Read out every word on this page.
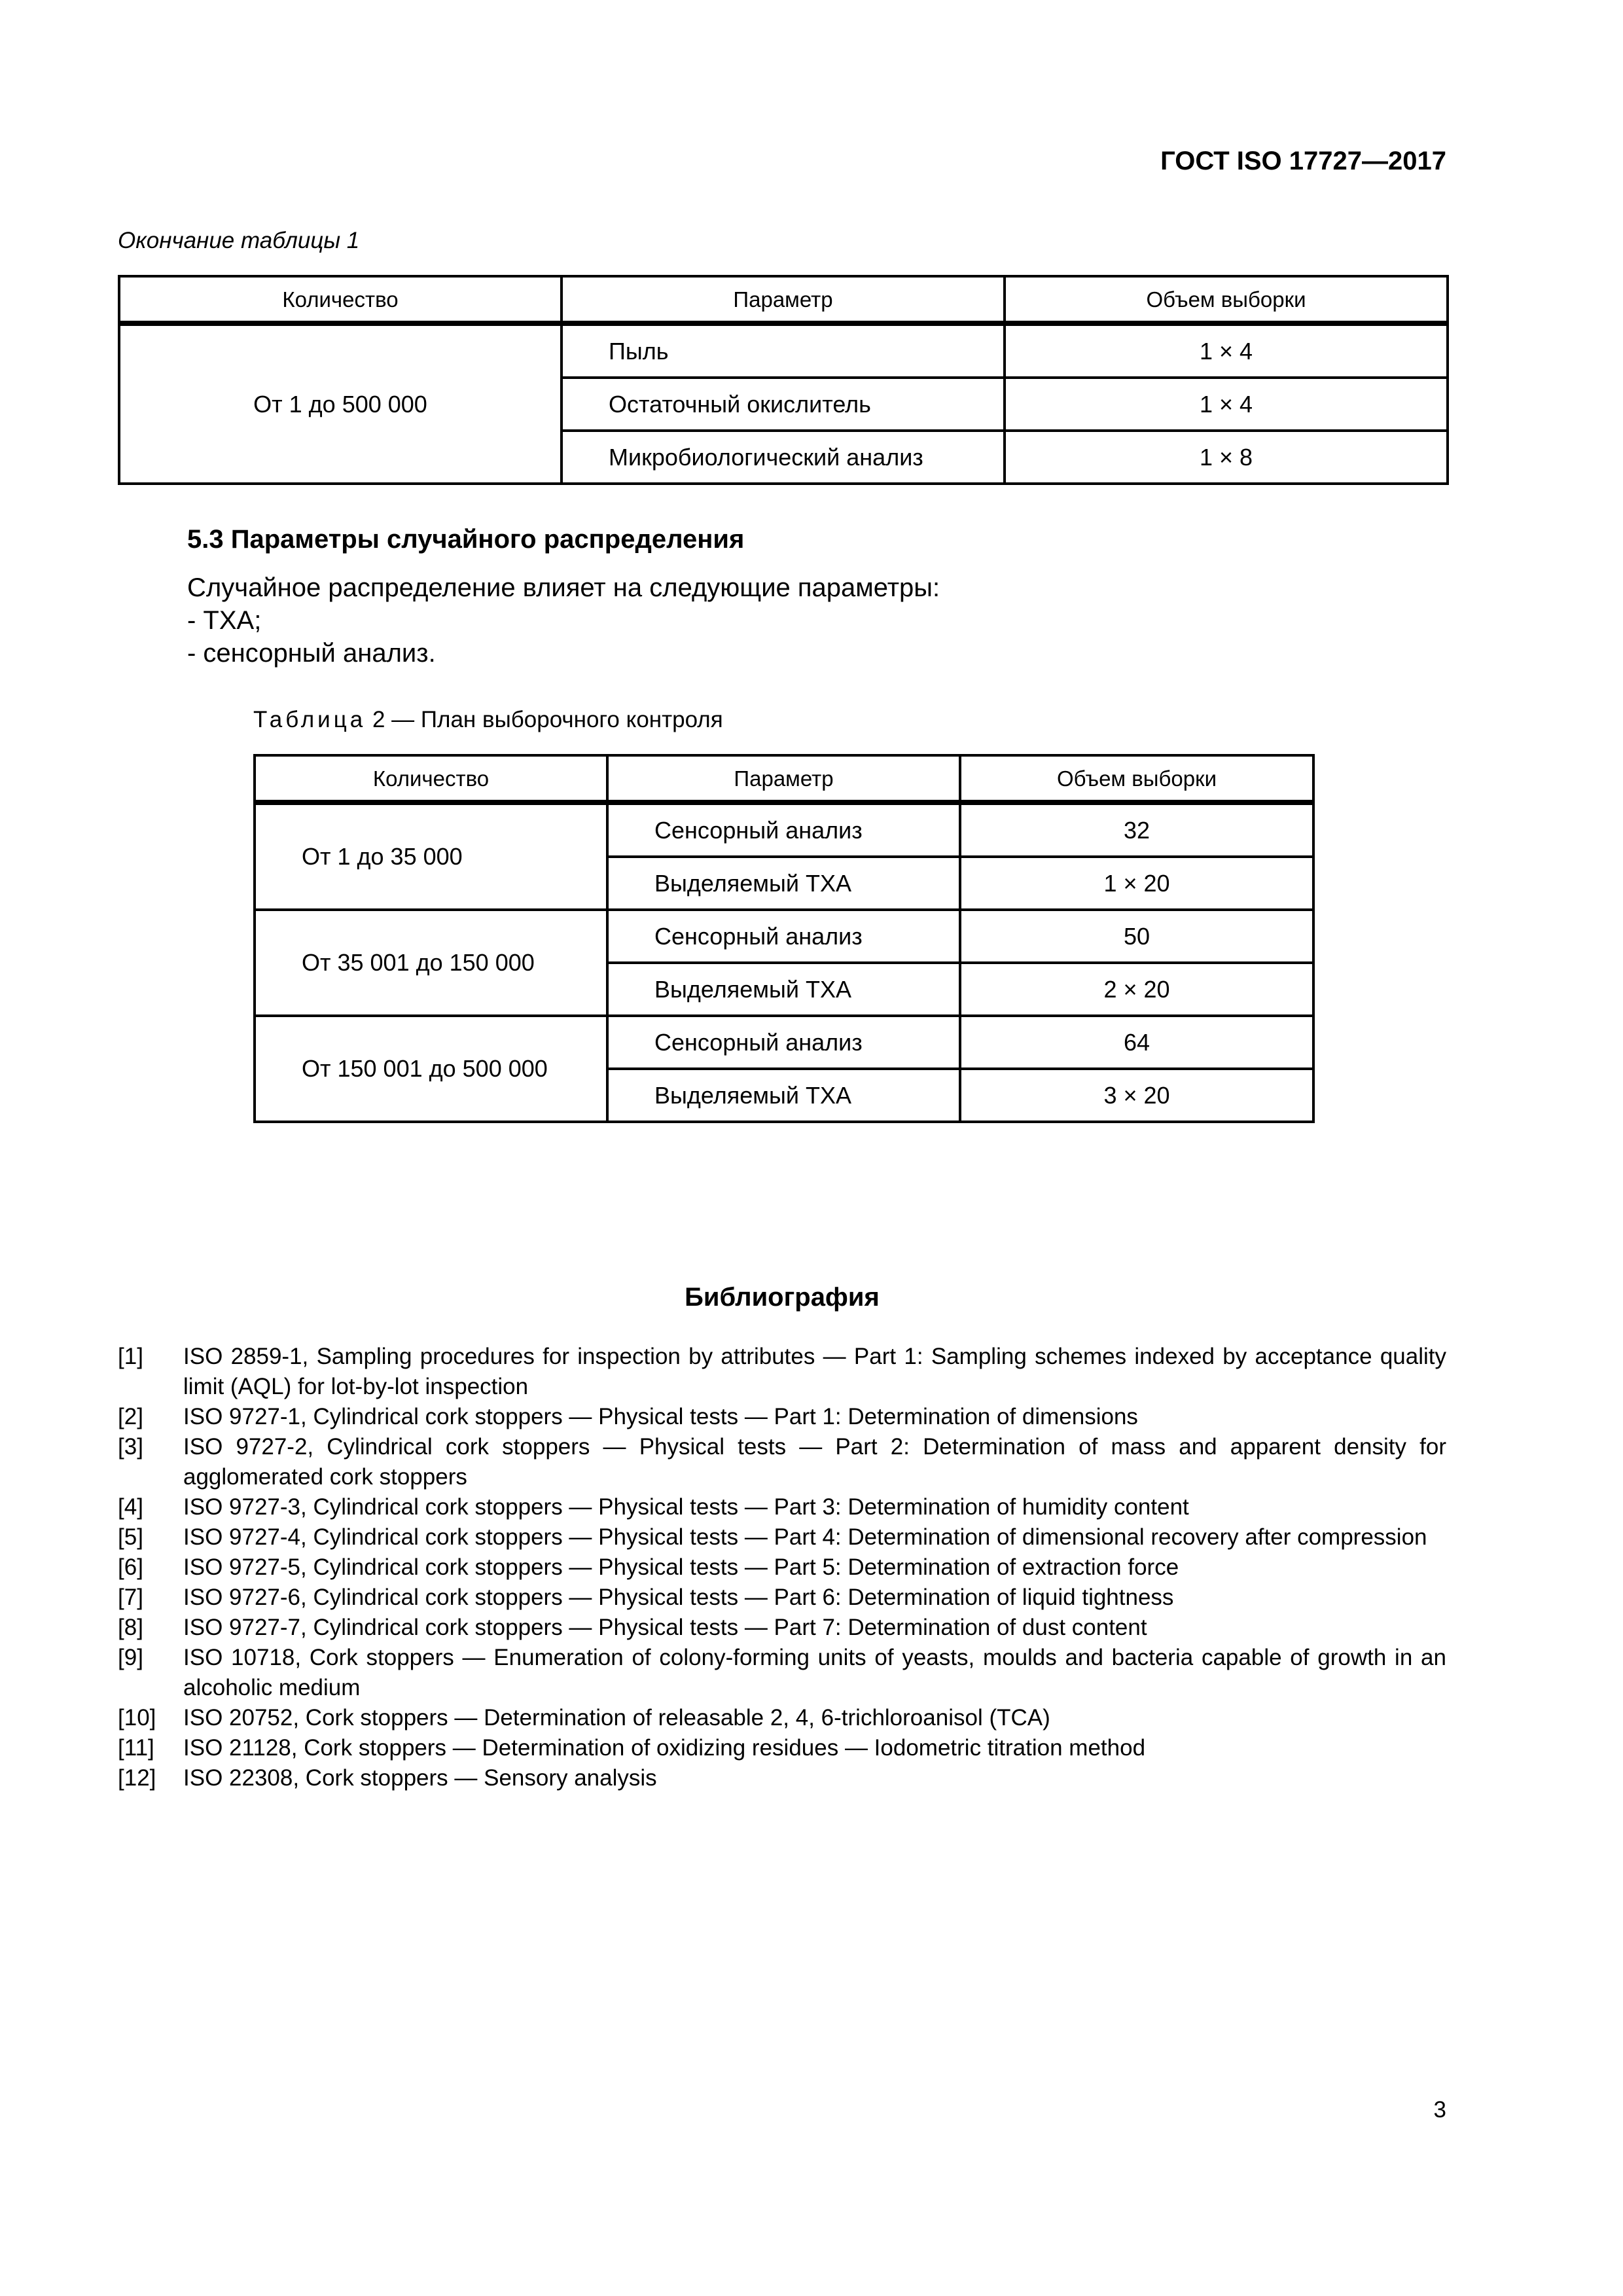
ГОСТ ISO 17727—2017
Окончание таблицы 1
Количество	Параметр	Объем выборки
От 1 до 500 000	Пыль	1 × 4
	Остаточный окислитель	1 × 4
	Микробиологический анализ	1 × 8
5.3 Параметры случайного распределения
Случайное распределение влияет на следующие параметры:
- ТХА;
- сенсорный анализ.
Таблица 2 — План выборочного контроля
Количество	Параметр	Объем выборки
От 1 до 35 000	Сенсорный анализ	32
	Выделяемый ТХА	1 × 20
От 35 001 до 150 000	Сенсорный анализ	50
	Выделяемый ТХА	2 × 20
От 150 001 до 500 000	Сенсорный анализ	64
	Выделяемый ТХА	3 × 20
Библиография
[1]	ISO 2859-1, Sampling procedures for inspection by attributes — Part 1: Sampling schemes indexed by acceptance quality limit (AQL) for lot-by-lot inspection
[2]	ISO 9727-1, Cylindrical cork stoppers — Physical tests — Part 1: Determination of dimensions
[3]	ISO 9727-2, Cylindrical cork stoppers — Physical tests — Part 2: Determination of mass and apparent density for agglomerated cork stoppers
[4]	ISO 9727-3, Cylindrical cork stoppers — Physical tests — Part 3: Determination of humidity content
[5]	ISO 9727-4, Cylindrical cork stoppers — Physical tests — Part 4: Determination of dimensional recovery after compression
[6]	ISO 9727-5, Cylindrical cork stoppers — Physical tests — Part 5: Determination of extraction force
[7]	ISO 9727-6, Cylindrical cork stoppers — Physical tests — Part 6: Determination of liquid tightness
[8]	ISO 9727-7, Cylindrical cork stoppers — Physical tests — Part 7: Determination of dust content
[9]	ISO 10718, Cork stoppers — Enumeration of colony-forming units of yeasts, moulds and bacteria capable of growth in an alcoholic medium
[10]	ISO 20752, Cork stoppers — Determination of releasable 2, 4, 6-trichloroanisol (TCA)
[11]	ISO 21128, Cork stoppers — Determination of oxidizing residues — Iodometric titration method
[12]	ISO 22308, Cork stoppers — Sensory analysis
3
